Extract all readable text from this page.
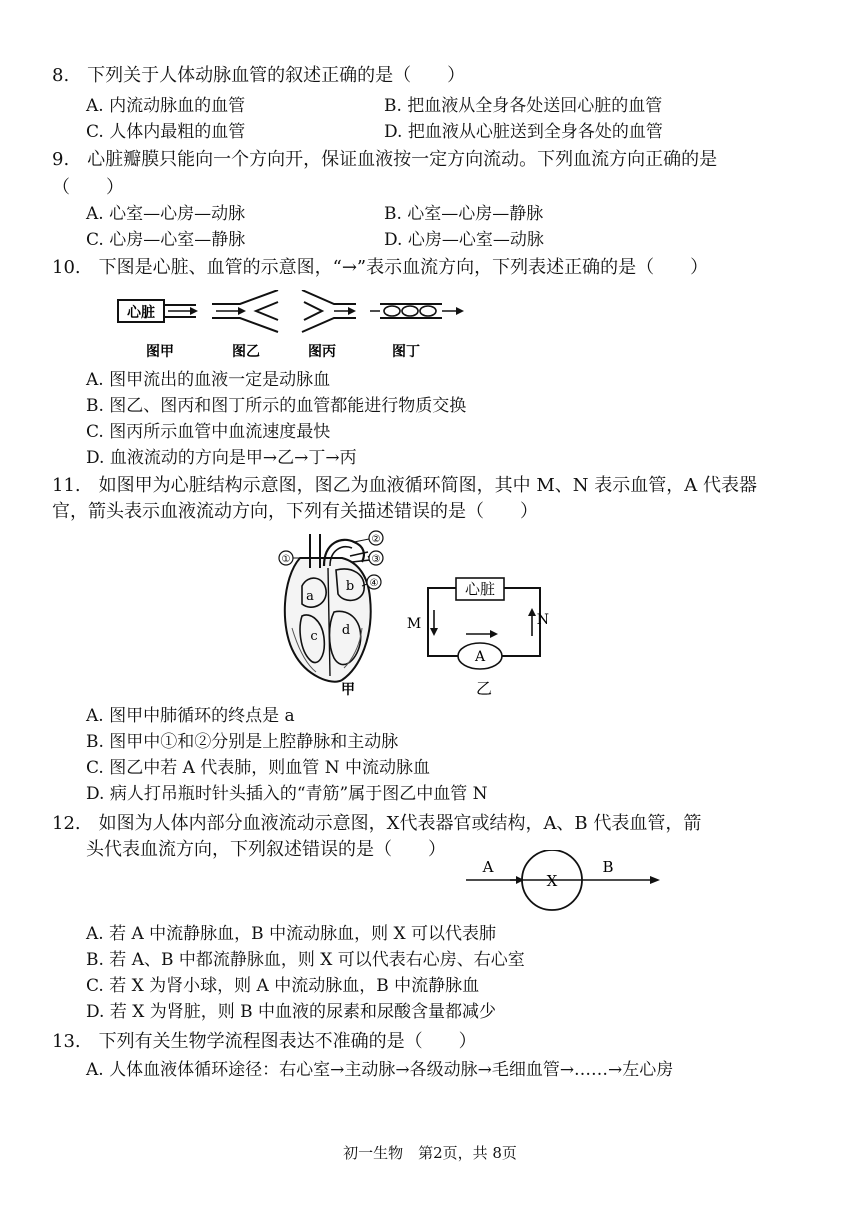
8.　下列关于人体动脉血管的叙述正确的是（　　）
A. 内流动脉血的血管	B. 把血液从全身各处送回心脏的血管
C. 人体内最粗的血管	D. 把血液从心脏送到全身各处的血管
9.　心脏瓣膜只能向一个方向开，保证血液按一定方向流动。下列血流方向正确的是
（　　）
A. 心室—心房—动脉	B. 心室—心房—静脉
C. 心房—心室—静脉	D. 心房—心室—动脉
10.　下图是心脏、血管的示意图，“→”表示血流方向，下列表述正确的是（　　）
心脏
图甲	图乙	图丙	图丁
A. 图甲流出的血液一定是动脉血
B. 图乙、图丙和图丁所示的血管都能进行物质交换
C. 图丙所示血管中血流速度最快
D. 血液流动的方向是甲→乙→丁→丙
11.　如图甲为心脏结构示意图，图乙为血液循环简图，其中 M、N 表示血管，A 代表器
官，箭头表示血液流动方向，下列有关描述错误的是（　　）
①
②
③
④
a
b
c d
甲
心脏
A
M	N
乙
A. 图甲中肺循环的终点是 a
B. 图甲中①和②分别是上腔静脉和主动脉
C. 图乙中若 A 代表肺，则血管 N 中流动脉血
D. 病人打吊瓶时针头插入的“青筋”属于图乙中血管 N
12.　如图为人体内部分血液流动示意图，X代表器官或结构，A、B 代表血管，箭
头代表血流方向，下列叙述错误的是（　　）
A
X
B
A. 若 A 中流静脉血，B 中流动脉血，则 X 可以代表肺
B. 若 A、B 中都流静脉血，则 X 可以代表右心房、右心室
C. 若 X 为肾小球，则 A 中流动脉血，B 中流静脉血
D. 若 X 为肾脏，则 B 中血液的尿素和尿酸含量都减少
13.　下列有关生物学流程图表达不准确的是（　　）
A. 人体血液体循环途径：右心室→主动脉→各级动脉→毛细血管→……→左心房
初一生物　第2页，共 8页
